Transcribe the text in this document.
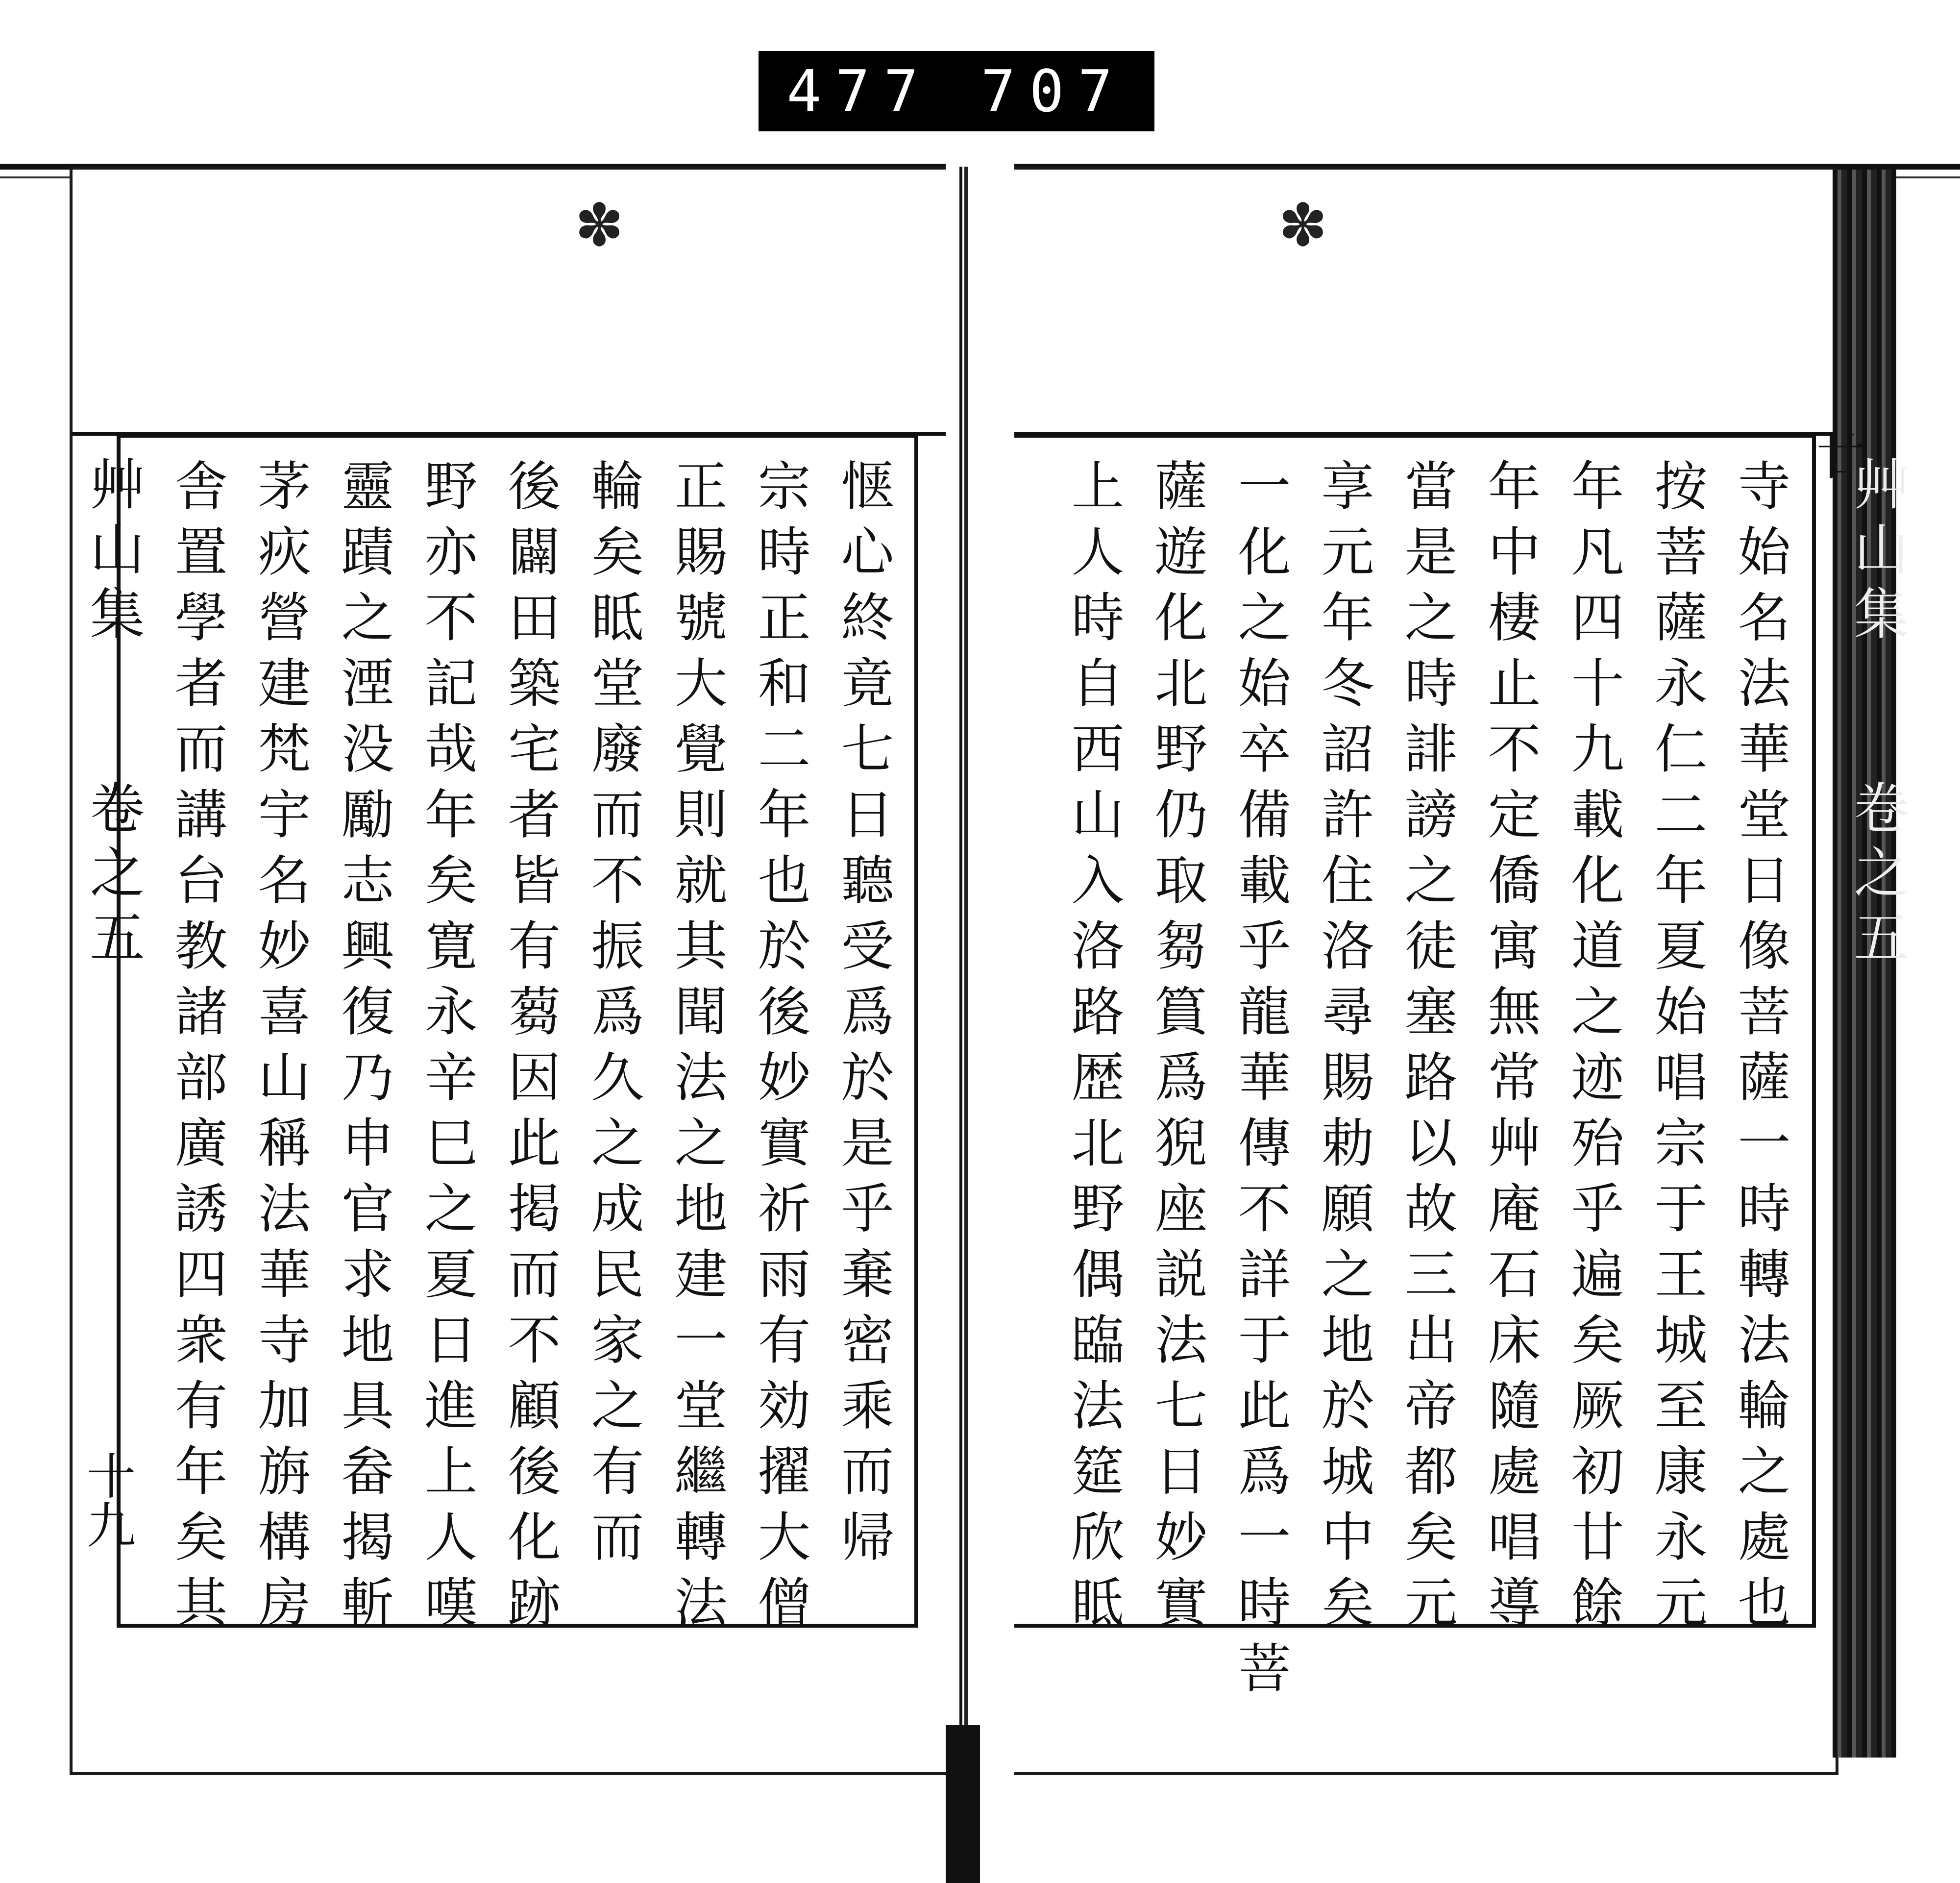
477 707
✽	✽
艸山集
卷之五
十九	惬心終竟七日聽受爲於是乎棄密乘而帰
宗時正和二年也於後妙實祈雨有効擢大僧
正賜號大覺則就其聞法之地建一堂繼轉法
輪矣眡堂廢而不振爲久之成民家之有而
後闢田築宅者皆有蒭因此掲而不顧後化跡
野亦不記哉年矣寛永辛巳之夏日進上人嘆
靈蹟之湮没勵志興復乃申官求地具畚揭斬
茅疢營建梵宇名妙喜山稱法華寺加旃構房
舎置學者而講台教諸部廣誘四衆有年矣其	寺始名法華堂日像菩薩一時轉法輪之處也
按菩薩永仁二年夏始唱宗于王城至康永元
年凡四十九載化道之迹殆乎遍矣厥初廿餘
年中棲止不定僑寓無常艸庵石床隨處唱導
當是之時誹謗之徒塞路以故三出帝都矣元
享元年冬詔許住洛尋賜勅願之地於城中矣
一化之始卒備載乎龍華傳不詳于此爲一時菩
薩遊化北野仍取芻篔爲猊座説法七日妙實
上人時自西山入洛路歴北野偶臨法筵欣眡	艸山集
卷之五
廿
